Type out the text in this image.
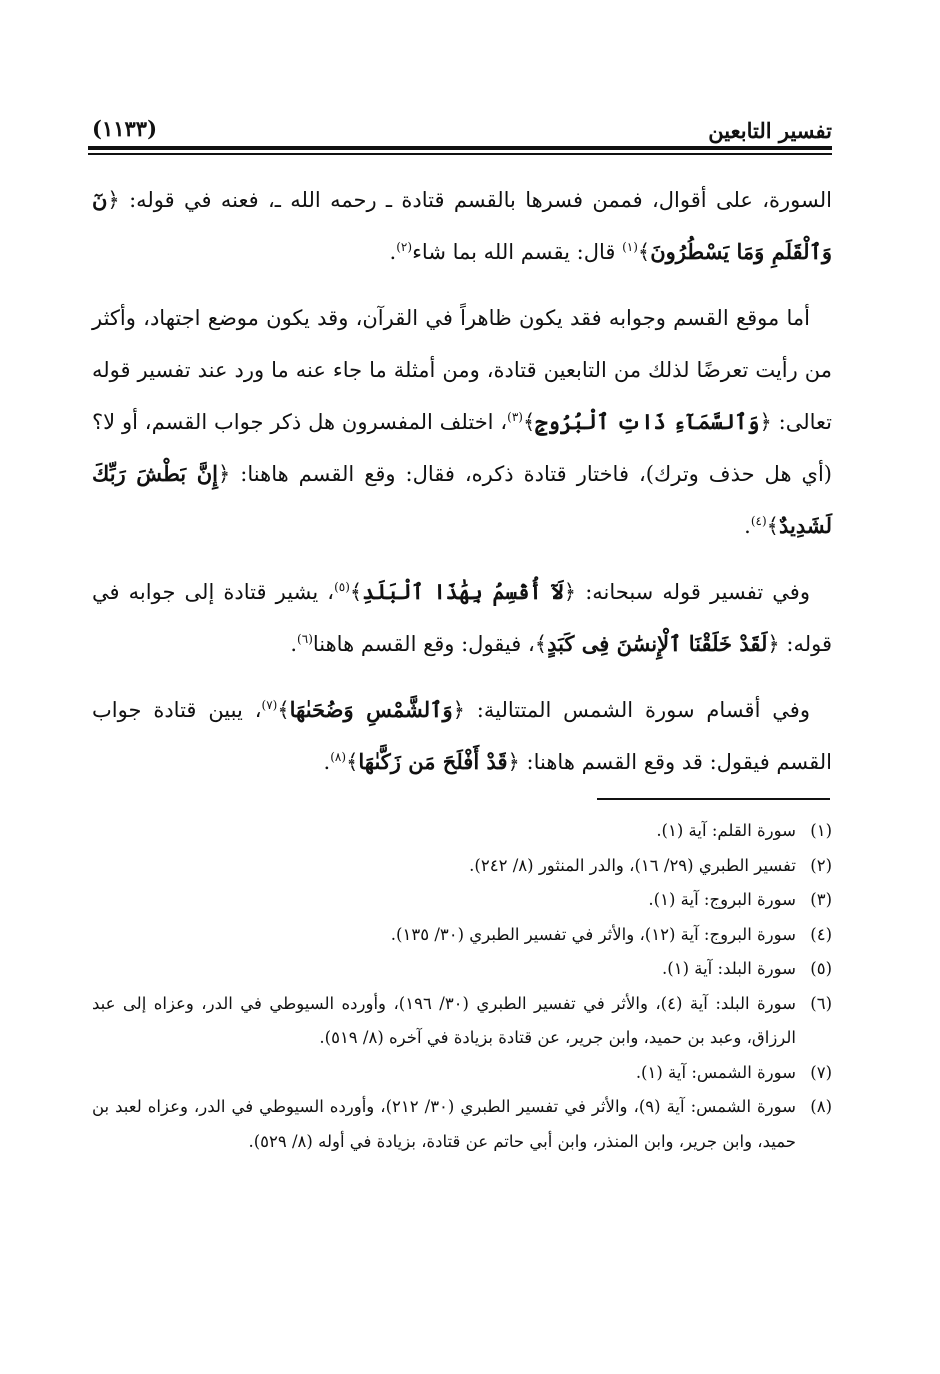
تفسير التابعين
(١١٣٣)

السورة، على أقوال، فممن فسرها بالقسم قتادة ـ رحمه الله ـ، فعنه في قوله: ﴿نٓ وَٱلْقَلَمِ وَمَا يَسْطُرُونَ﴾$^{(١)}$ قال: يقسم الله بما شاء$^{(٢)}$.

أما موقع القسم وجوابه فقد يكون ظاهراً في القرآن، وقد يكون موضع اجتهاد، وأكثر من رأيت تعرضًا لذلك من التابعين قتادة، ومن أمثلة ما جاء عنه ما ورد عند تفسير قوله تعالى: ﴿وَٱلسَّمَآءِ ذَاتِ ٱلْبُرُوجِ﴾$^{(٣)}$، اختلف المفسرون هل ذكر جواب القسم، أو لا؟ (أي هل حذف وترك)، فاختار قتادة ذكره، فقال: وقع القسم هاهنا: ﴿إِنَّ بَطْشَ رَبِّكَ لَشَدِيدٌ﴾$^{(٤)}$.

وفي تفسير قوله سبحانه: ﴿لَآ أُقْسِمُ بِهَٰذَا ٱلْبَلَدِ﴾$^{(٥)}$، يشير قتادة إلى جوابه في قوله: ﴿لَقَدْ خَلَقْنَا ٱلْإِنسَٰنَ فِى كَبَدٍ﴾، فيقول: وقع القسم هاهنا$^{(٦)}$.

وفي أقسام سورة الشمس المتتالية: ﴿وَٱلشَّمْسِ وَضُحَىٰهَا﴾$^{(٧)}$، يبين قتادة جواب القسم فيقول: قد وقع القسم هاهنا: ﴿قَدْ أَفْلَحَ مَن زَكَّىٰهَا﴾$^{(٨)}$.

(١)
سورة القلم: آية (١).
(٢)
تفسير الطبري (٢٩/ ١٦)، والدر المنثور (٨/ ٢٤٢).
(٣)
سورة البروج: آية (١).
(٤)
سورة البروج: آية (١٢)، والأثر في تفسير الطبري (٣٠/ ١٣٥).
(٥)
سورة البلد: آية (١).
(٦)
سورة البلد: آية (٤)، والأثر في تفسير الطبري (٣٠/ ١٩٦)، وأورده السيوطي في الدر، وعزاه إلى عبد الرزاق، وعبد بن حميد، وابن جرير، عن قتادة بزيادة في آخره (٨/ ٥١٩).
(٧)
سورة الشمس: آية (١).
(٨)
سورة الشمس: آية (٩)، والأثر في تفسير الطبري (٣٠/ ٢١٢)، وأورده السيوطي في الدر، وعزاه لعبد بن حميد، وابن جرير، وابن المنذر، وابن أبي حاتم عن قتادة، بزيادة في أوله (٨/ ٥٢٩).
